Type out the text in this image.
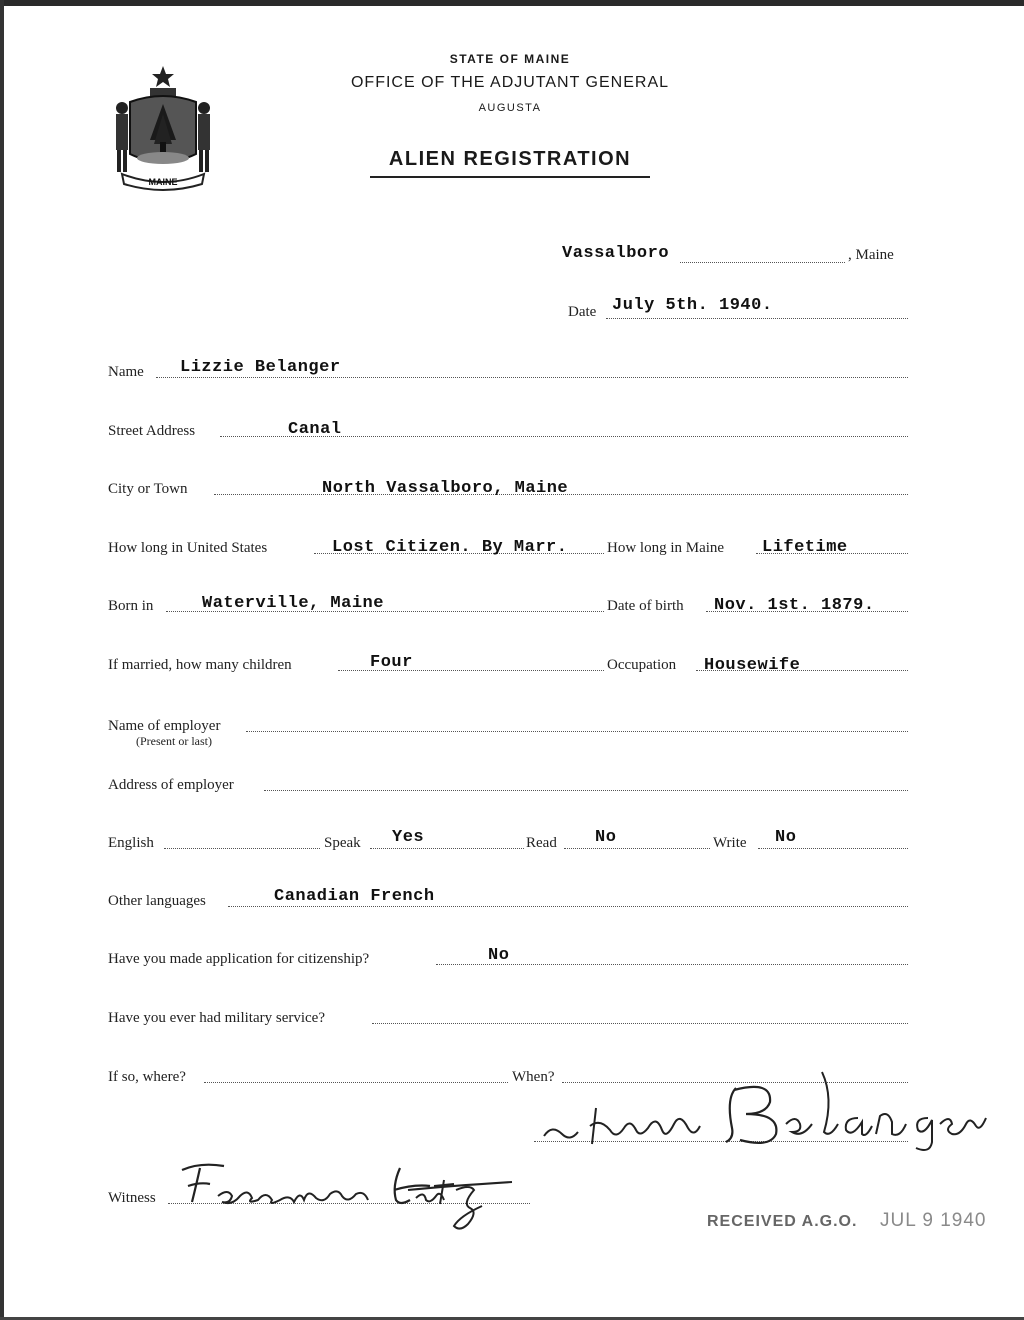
MAINE
STATE OF MAINE
OFFICE OF THE ADJUTANT GENERAL
AUGUSTA
ALIEN REGISTRATION
Vassalboro	, Maine
Date July 5th. 1940.
Name Lizzie Belanger
Street Address	Canal
City or Town	North Vassalboro, Maine
How long in United States	Lost Citizen. By Marr.	How long in Maine Lifetime
Born in	Waterville, Maine	Date of birth Nov. 1st. 1879.
If married, how many children	Four	Occupation Housewife
Name of employer
(Present or last)
Address of employer
English	Speak Yes	Read No	Write No
Other languages	Canadian French
Have you made application for citizenship?	No
Have you ever had military service?
If so, where?	When?
Witness
RECEIVED A.G.O. JUL 9 1940
